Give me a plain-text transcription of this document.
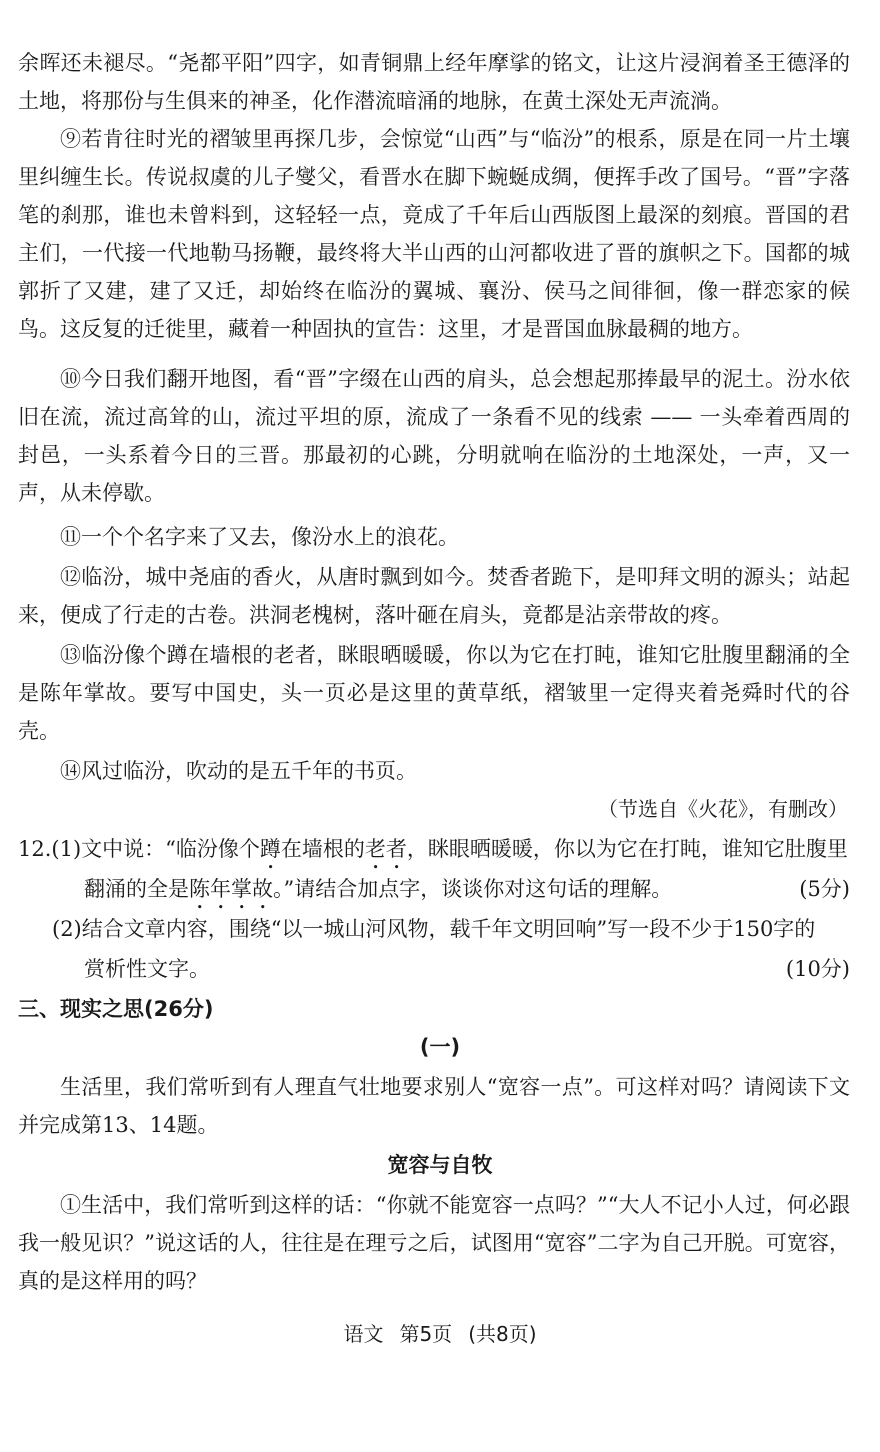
余晖还未褪尽。“尧都平阳”四字，如青铜鼎上经年摩挲的铭文，让这片浸润着圣王德泽的土地，将那份与生俱来的神圣，化作潜流暗涌的地脉，在黄土深处无声流淌。

⑨若肯往时光的褶皱里再探几步，会惊觉“山西”与“临汾”的根系，原是在同一片土壤里纠缠生长。传说叔虞的儿子燮父，看晋水在脚下蜿蜒成绸，便挥手改了国号。“晋”字落笔的刹那，谁也未曾料到，这轻轻一点，竟成了千年后山西版图上最深的刻痕。晋国的君主们，一代接一代地勒马扬鞭，最终将大半山西的山河都收进了晋的旗帜之下。国都的城郭折了又建，建了又迁，却始终在临汾的翼城、襄汾、侯马之间徘徊，像一群恋家的候鸟。这反复的迁徙里，藏着一种固执的宣告：这里，才是晋国血脉最稠的地方。

⑩今日我们翻开地图，看“晋”字缀在山西的肩头，总会想起那捧最早的泥土。汾水依旧在流，流过高耸的山，流过平坦的原，流成了一条看不见的线索 —— 一头牵着西周的封邑，一头系着今日的三晋。那最初的心跳，分明就响在临汾的土地深处，一声，又一声，从未停歇。

⑪一个个名字来了又去，像汾水上的浪花。

⑫临汾，城中尧庙的香火，从唐时飘到如今。焚香者跪下，是叩拜文明的源头；站起来，便成了行走的古卷。洪洞老槐树，落叶砸在肩头，竟都是沾亲带故的疼。

⑬临汾像个蹲在墙根的老者，眯眼晒暖暖，你以为它在打盹，谁知它肚腹里翻涌的全是陈年掌故。要写中国史，头一页必是这里的黄草纸，褶皱里一定得夹着尧舜时代的谷壳。

⑭风过临汾，吹动的是五千年的书页。

（节选自《火花》，有删改）
12.(1)文中说：“临汾像个蹲在墙根的老者，眯眼晒暖暖，你以为它在打盹，谁知它肚腹里
翻涌的全是陈年掌故。”请结合加点字，谈谈你对这句话的理解。	(5分)
(2)结合文章内容，围绕“以一城山河风物，载千年文明回响”写一段不少于150字的
赏析性文字。	(10分)
三、现实之思(26分)
(一)

生活里，我们常听到有人理直气壮地要求别人“宽容一点”。可这样对吗？请阅读下文并完成第13、14题。

宽容与自牧

①生活中，我们常听到这样的话：“你就不能宽容一点吗？”“大人不记小人过，何必跟我一般见识？”说这话的人，往往是在理亏之后，试图用“宽容”二字为自己开脱。可宽容，真的是这样用的吗？

语文 第5页 (共8页)
